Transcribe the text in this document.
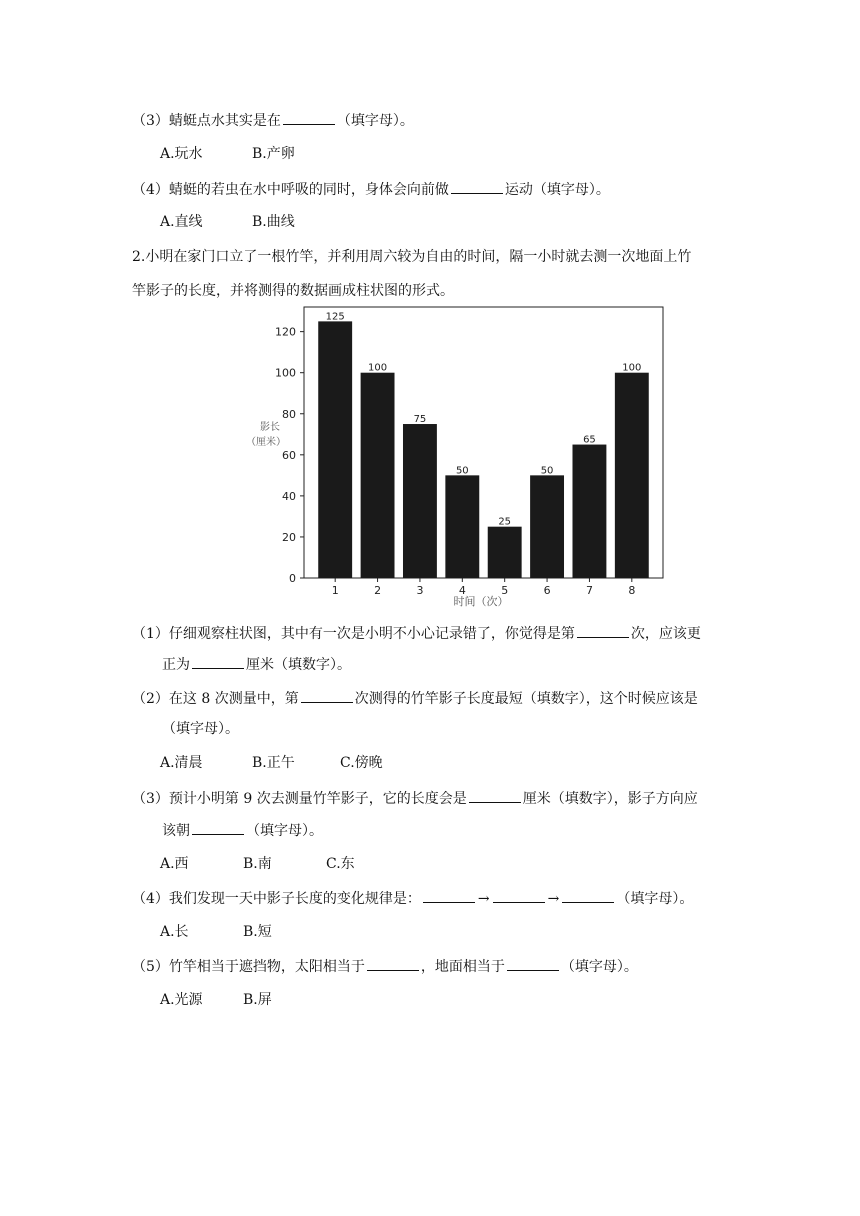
（3）蜻蜓点水其实是在	（填字母）。
A.玩水	B.产卵
（4）蜻蜓的若虫在水中呼吸的同时，身体会向前做	运动（填字母）。
A.直线	B.曲线
2.小明在家门口立了一根竹竿，并利用周六较为自由的时间，隔一小时就去测一次地面上竹
竿影子的长度，并将测得的数据画成柱状图的形式。
125
100
75
50
25
50
65
100
1	2	3	4	5	6	7	8
0
20
40
60
80
100
120
影长
（厘米）
时间（次）
（1）仔细观察柱状图，其中有一次是小明不小心记录错了，你觉得是第	次，应该更
正为	厘米（填数字）。
（2）在这 8 次测量中，第	次测得的竹竿影子长度最短（填数字），这个时候应该是
（填字母）。
A.清晨	B.正午	C.傍晚
（3）预计小明第 9 次去测量竹竿影子，它的长度会是	厘米（填数字），影子方向应
该朝	（填字母）。
A.西	B.南	C.东
（4）我们发现一天中影子长度的变化规律是：	→	→	（填字母）。
A.长	B.短
（5）竹竿相当于遮挡物，太阳相当于	，地面相当于	（填字母）。
A.光源	B.屏
